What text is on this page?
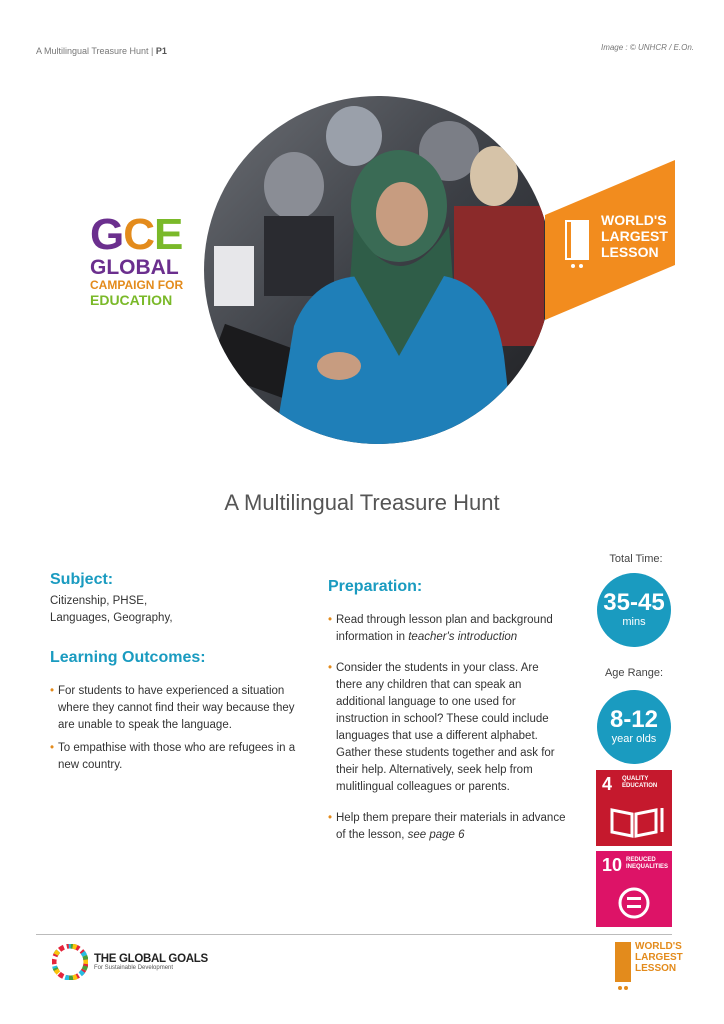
A Multilingual Treasure Hunt | P1	Image : © UNHCR / E.On.
GCE
GLOBAL
CAMPAIGN FOR
EDUCATION
WORLD'S
LARGEST
LESSON
A Multilingual Treasure Hunt
Subject:
Citizenship, PHSE,
Languages, Geography,
Learning Outcomes:
• For students to have experienced a situation where they cannot find their way because they are unable to speak the language.
• To empathise with those who are refugees in a new country.
Preparation:
• Read through lesson plan and background information in teacher's introduction
• Consider the students in your class. Are there any children that can speak an additional language to one used for instruction in school? These could include languages that use a different alphabet. Gather these students together and ask for their help. Alternatively, seek help from mulitlingual colleagues or parents.
• Help them prepare their materials in advance of the lesson, see page 6
Total Time:
35-45
mins
Age Range:
8-12
year olds
4 QUALITY EDUCATION
10 REDUCED INEQUALITIES
THE GLOBAL GOALS
For Sustainable Development
WORLD'S
LARGEST
LESSON
